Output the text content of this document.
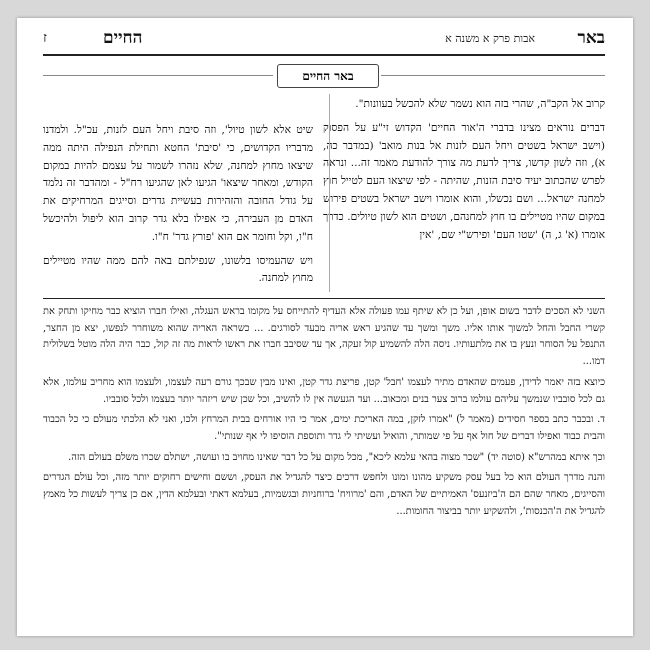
באר
אבות פרק א משנה א
החיים
ז
באר החיים

קרוב אל הקב"ה, שהרי בזה הוא נשמר שלא להכשל בעוונות".

דברים נוראים מצינו בדברי ה'אור החיים' הקדוש זי"ע על הפסוק (וישב ישראל בשטים ויחל העם לזנות אל בנות מואב' (במדבר כה, א), וזה לשון קדשו, צריך לדעת מה צורך להודעת מאמר זה... ונראה לפרש שהכתוב יעיד סיבת הזנות, שהיתה - לפי שיצאו העם לטייל חוץ למחנה ישראל... ושם נכשלו, והוא אומרו וישב ישראל בשטים פירוש במקום שהיו מטיילים בו חוץ למחנהם, ושטים הוא לשון טיולים. כדרך אומרו (א' ג, ה) 'שטו העם' ופירש"י שם, 'אין

שיט אלא לשון טיול', וזה סיבת ויחל העם לזנות, עכ"ל. ולמדנו מדבריו הקדושים, כי 'סיבת' החטא ותחילת הנפילה היתה ממה שיצאו מחוץ למחנה, שלא נזהרו לשמור על עצמם להיות במקום הקודש, ומאחר שיצאו' הגיעו לאן שהגיעו רח"ל - ומהדבר זה נלמד על גודל החובה והזהירות בעשיית גדרים וסייגים המרחיקים את האדם מן העבירה, כי אפילו בלא גדר קרוב הוא ליפול ולהיכשל ח"ו, וקל וחומר אם הוא 'פורץ גדר' ח"ו.

ויש שהעמיסו בלשונו, שנפילתם באה להם ממה שהיו מטיילים מחוץ למחנה.

השני לא הסכים לדבר בשום אופן, ועל כן לא שיתף עמו פעולה אלא העדיף להתייחס על מקומו בראש העגלה, ואילו חברו הוציא כבר מחיקו ותחק את קשרי החבל והחל למשוך אותו אליו. משך ומשך עד שהגיע ראש אריה מבעד לסורגים. ... כשראה האריה שהוא משוחרר לנפשו, יצא מן החצר, התנפל על הסוחר ונעץ בו את מלתעותיו. ניסה הלה להשמיע קול זעקה, אך עד שסיבב חברו את ראשו לראות מה זה קול, כבר היה הלה מוטל בשלולית דמו...

כיוצא בזה יאמר לדידן, פעמים שהאדם מתיר לעצמו 'חבל' קטן, פריצת גדר קטן, ואינו מבין שבכך גורם רעה לעצמו, ולעצמו הוא מחריב עולמו, אלא גם לכל סובביו שנמשך עליהם עולמו ברוב צער בנים ומכאוב... ועד הגעשה אין לו להשיב, וכל שכן שיש ריזהר יותר בעצמו ולכל סובביו.

ד. ובכבר כתב בספר חסידים (מאמר ל) "אמרו לזקן, במה האריכת ימים, אמר כי היו אורחים בבית המרחץ ולכו, ואני לא הלכתי מעולם כי כל הכבוד והבית כבוד ואפילו דברים של חול אף על פי שמותר, והואיל ועשיתי לי גדר ותוספת הוסיפו לי אף שנותי".

וכך איתא במהרש"א (סוטה יד) "שכר מצוה בהאי עלמא ליכא", מכל מקום על כל דבר שאינו מחויב בו ועושה, ישתלם שכרו משלם בעולם הזה.

והנה מדרך העולם הוא כל בעל עסק משקיע מהונו ומונו ולחפש דרכים כיצד להגדיל את העסק, וששם וחישים רחוקים יותר מזה, וכל עולם הגדרים והסייגים, מאחר שהם הם ה'ביזנעס' האמיתיים של האדם, והם 'מרוויח' ברוחניות ובגשמיות, בעלמא דאתי ובעלמא הדין, אם כן צריך לעשות כל מאמץ להגדיל את ה'הכנסות', ולהשקיע יותר בביצור החומות...
